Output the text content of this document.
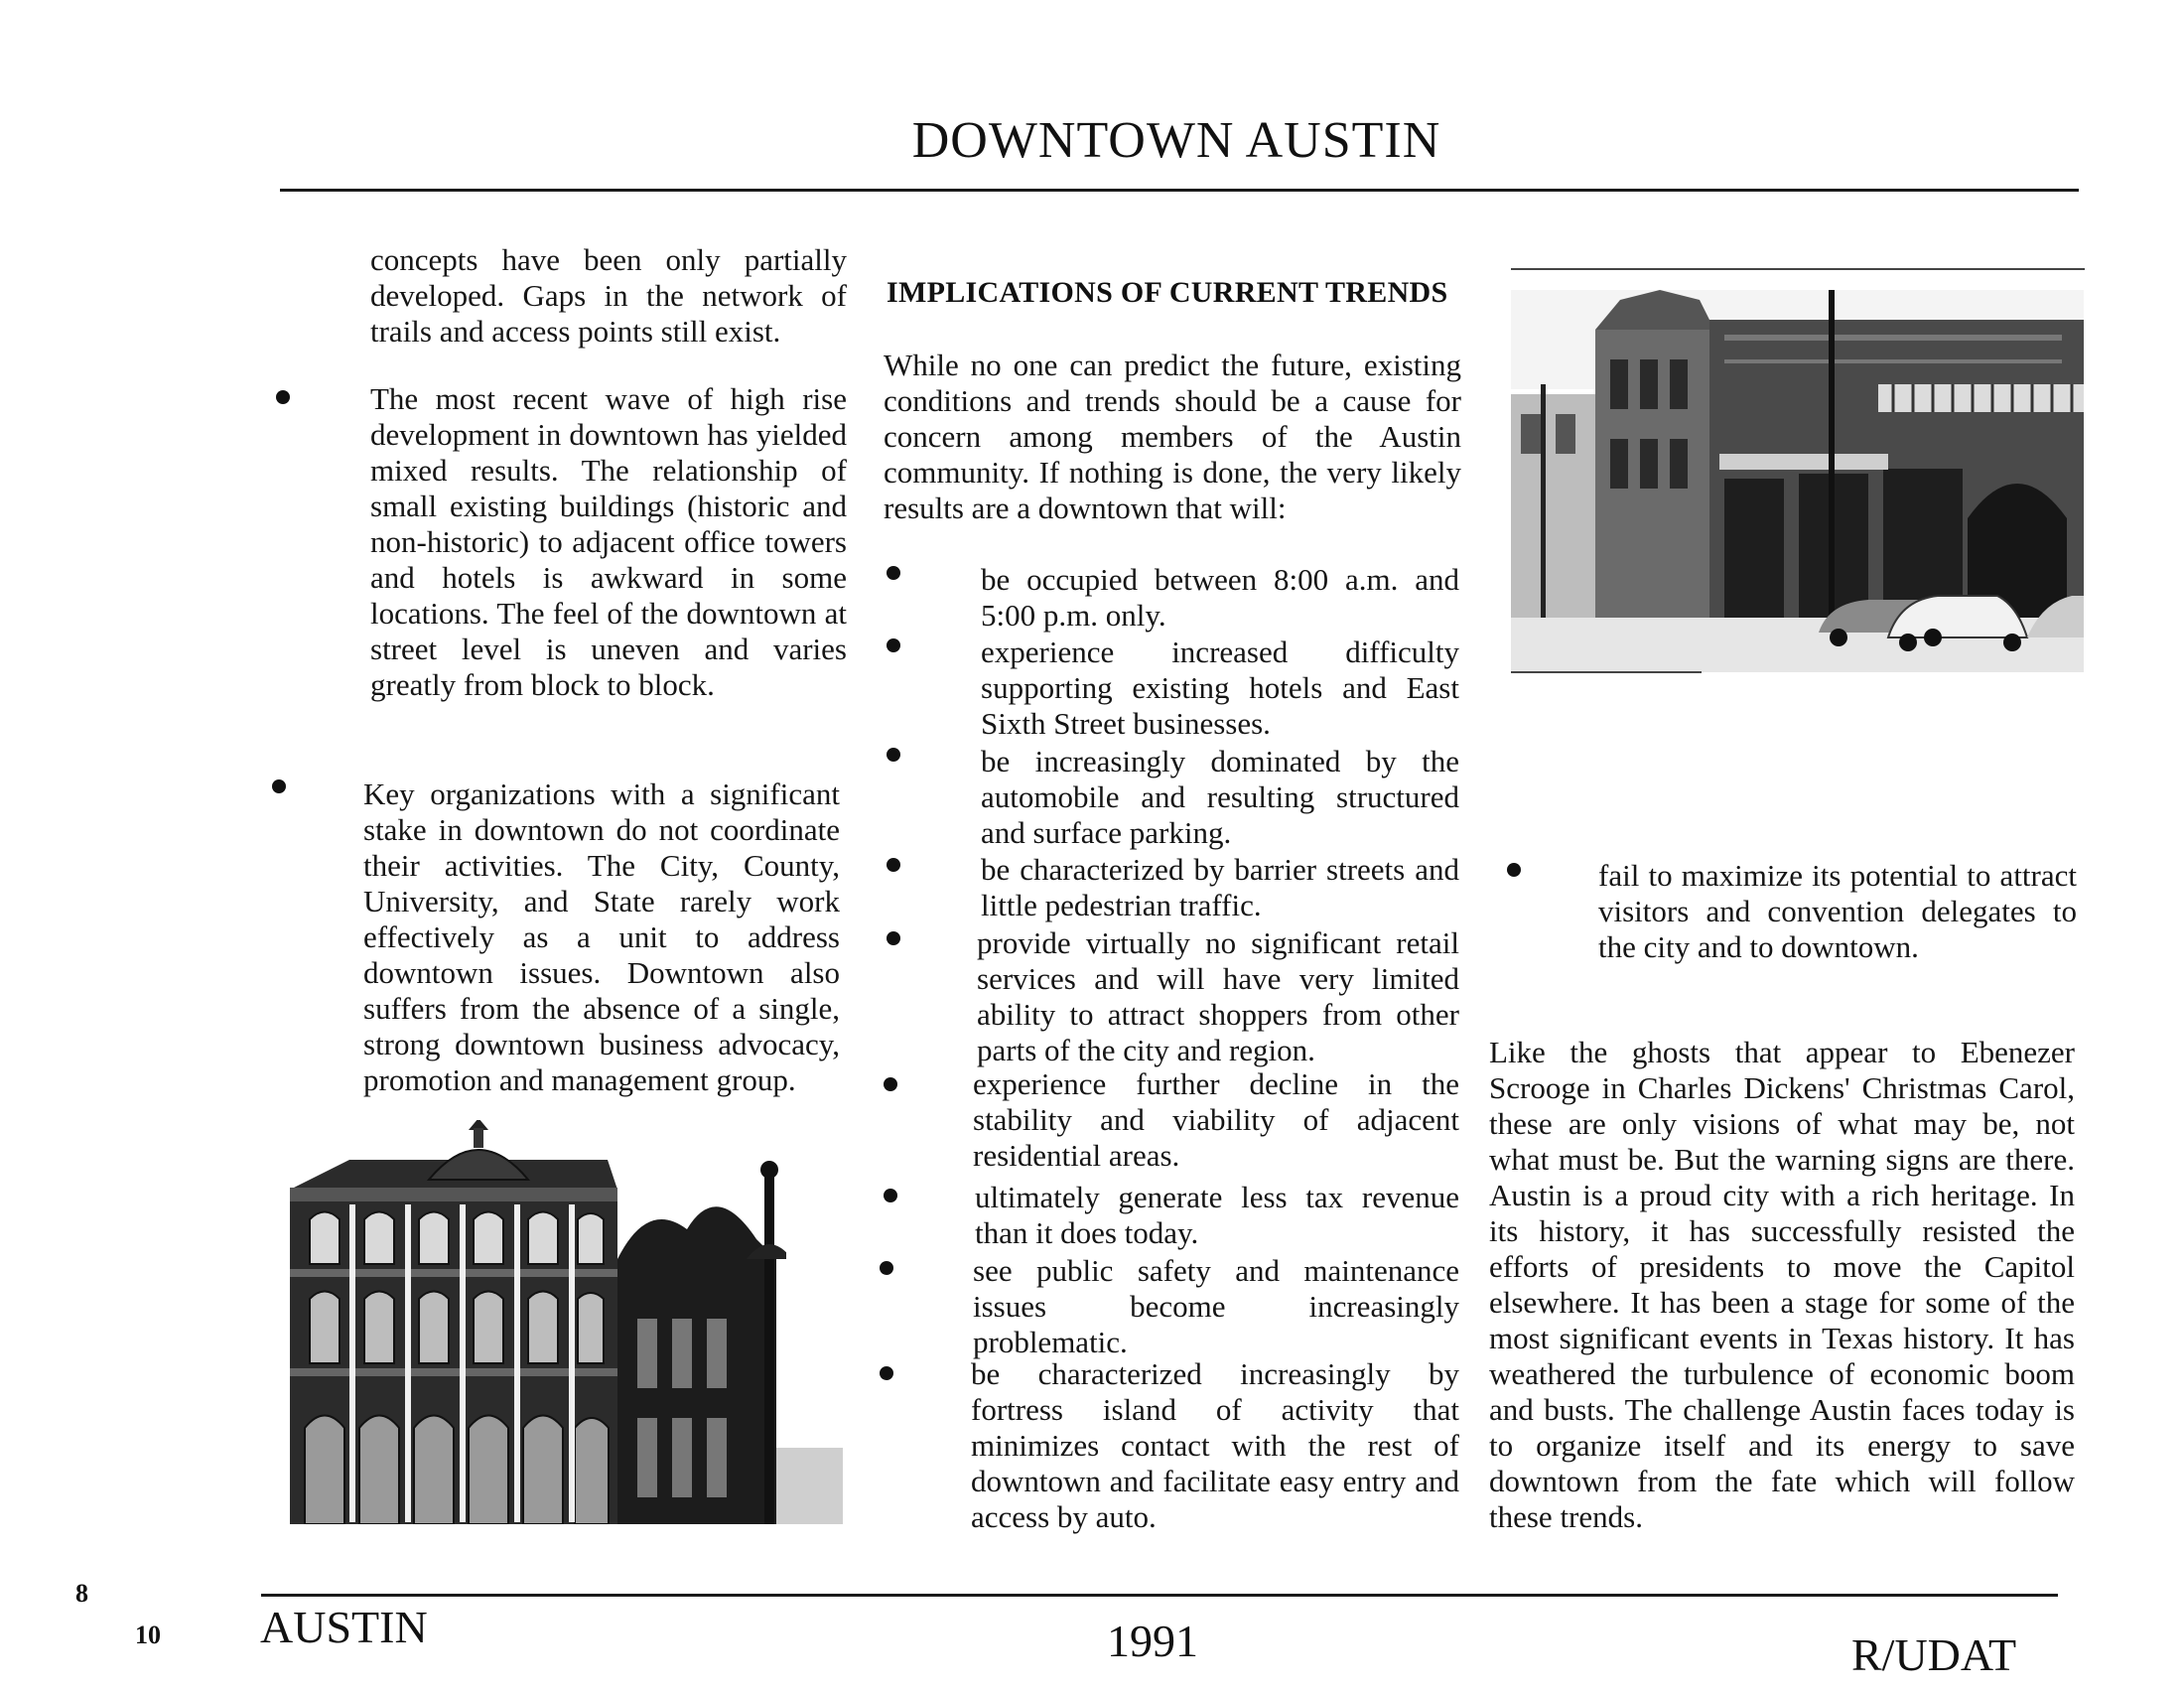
DOWNTOWN AUSTIN
concepts have been only partially developed. Gaps in the network of trails and access points still exist.
The most recent wave of high rise development in downtown has yielded mixed results. The relationship of small existing buildings (historic and non-historic) to adjacent office towers and hotels is awkward in some locations. The feel of the downtown at street level is uneven and varies greatly from block to block.
Key organizations with a significant stake in downtown do not coordinate their activities. The City, County, University, and State rarely work effectively as a unit to address downtown issues. Downtown also suffers from the absence of a single, strong downtown business advocacy, promotion and management group.
IMPLICATIONS OF CURRENT TRENDS
While no one can predict the future, existing conditions and trends should be a cause for concern among members of the Austin community. If nothing is done, the very likely results are a downtown that will:
be occupied between 8:00 a.m. and 5:00 p.m. only.
experience increased difficulty supporting existing hotels and East Sixth Street businesses.
be increasingly dominated by the automobile and resulting structured and surface parking.
be characterized by barrier streets and little pedestrian traffic.
provide virtually no significant retail services and will have very limited ability to attract shoppers from other parts of the city and region.
experience further decline in the stability and viability of adjacent residential areas.
ultimately generate less tax revenue than it does today.
see public safety and maintenance issues become increasingly problematic.
be characterized increasingly by fortress island of activity that minimizes contact with the rest of downtown and facilitate easy entry and access by auto.
fail to maximize its potential to attract visitors and convention delegates to the city and to downtown.
Like the ghosts that appear to Ebenezer Scrooge in Charles Dickens' Christmas Carol, these are only visions of what may be, not what must be. But the warning signs are there. Austin is a proud city with a rich heritage. In its history, it has successfully resisted the efforts of presidents to move the Capitol elsewhere. It has been a stage for some of the most significant events in Texas history. It has weathered the turbulence of economic boom and busts. The challenge Austin faces today is to organize itself and its energy to save downtown from the fate which will follow these trends.
8
10 AUSTIN	1991	R/UDAT
